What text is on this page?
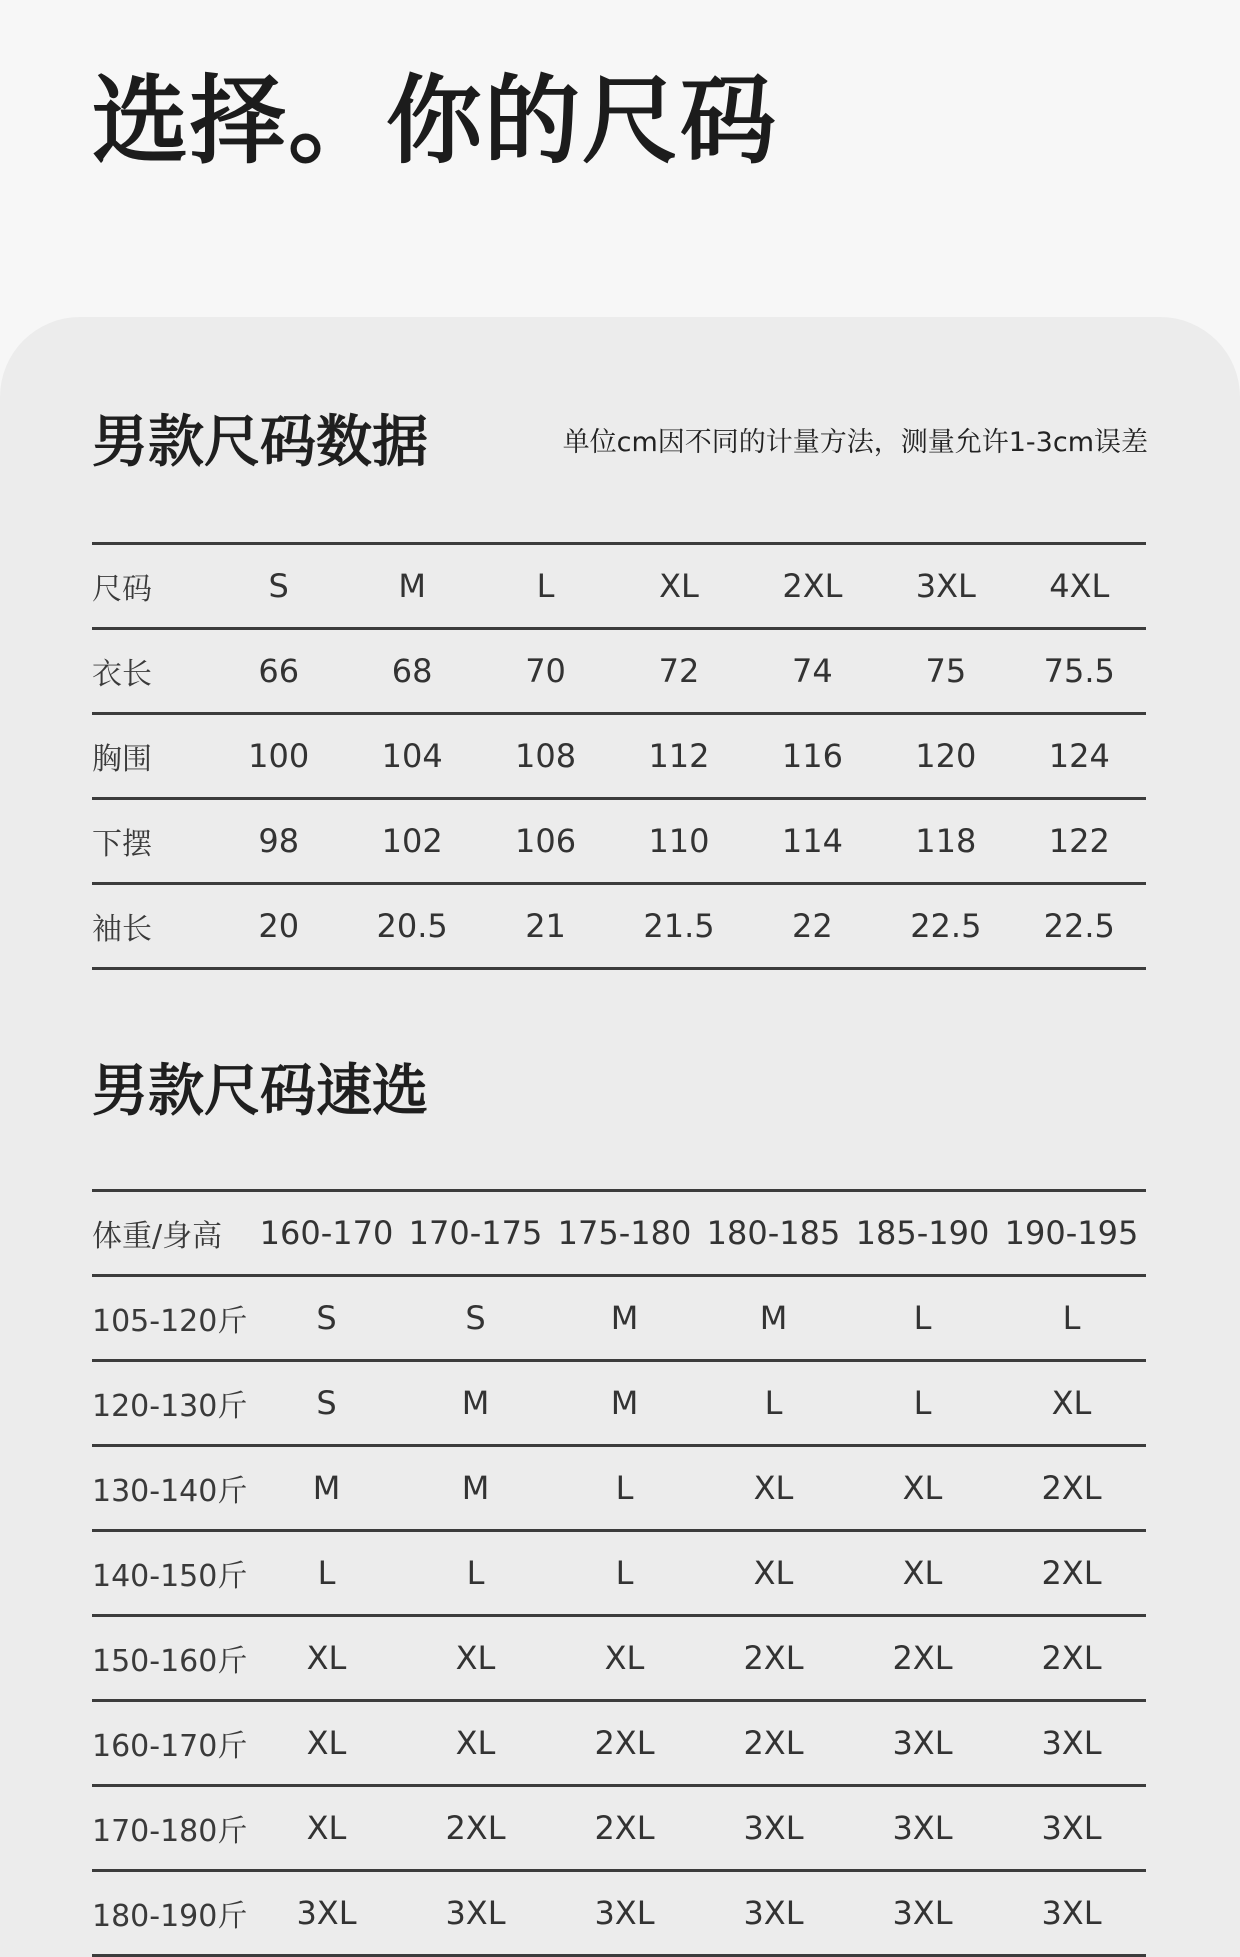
选择。你的尺码
男款尺码数据	单位cm因不同的计量方法，测量允许1-3cm误差
尺码	S	M	L	XL	2XL	3XL	4XL
衣长	66	68	70	72	74	75	75.5
胸围	100	104	108	112	116	120	124
下摆	98	102	106	110	114	118	122
袖长	20	20.5	21	21.5	22	22.5	22.5
男款尺码速选
体重/身高	160-170	170-175	175-180	180-185	185-190	190-195
105-120斤	S	S	M	M	L	L
120-130斤	S	M	M	L	L	XL
130-140斤	M	M	L	XL	XL	2XL
140-150斤	L	L	L	XL	XL	2XL
150-160斤	XL	XL	XL	2XL	2XL	2XL
160-170斤	XL	XL	2XL	2XL	3XL	3XL
170-180斤	XL	2XL	2XL	3XL	3XL	3XL
180-190斤	3XL	3XL	3XL	3XL	3XL	3XL
